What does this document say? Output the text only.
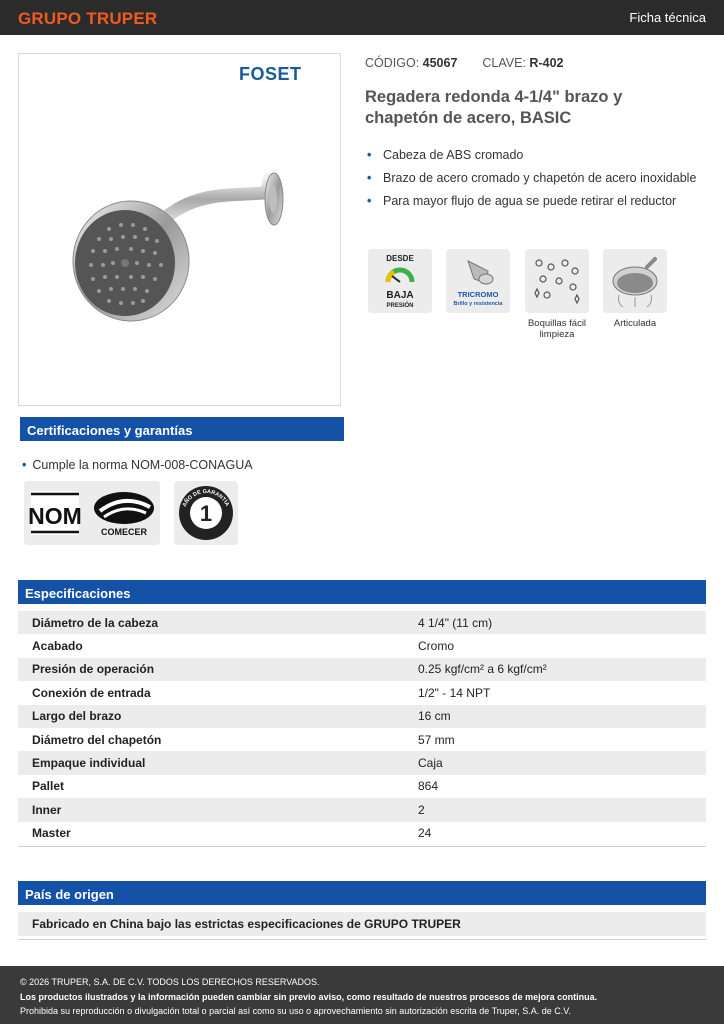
GRUPO TRUPER	Ficha técnica
FOSET
CÓDIGO: 45067 CLAVE: R-402
Regadera redonda 4-1/4" brazo y chapetón de acero, BASIC
• Cabeza de ABS cromado
• Brazo de acero cromado y chapetón de acero inoxidable
• Para mayor flujo de agua se puede retirar el reductor
DESDE
BAJA
PRESIÓN
TRICROMO
Brillo y resistencia
Boquillas fácil limpieza
Articulada
Certificaciones y garantías
• Cumple la norma NOM-008-CONAGUA
NOM
COMECER
1
AÑO DE GARANTÍA
Especificaciones
Diámetro de la cabeza	4 1/4" (11 cm)
Acabado	Cromo
Presión de operación	0.25 kgf/cm² a 6 kgf/cm²
Conexión de entrada	1/2" - 14 NPT
Largo del brazo	16 cm
Diámetro del chapetón	57 mm
Empaque individual	Caja
Pallet	864
Inner	2
Master	24
País de origen
Fabricado en China bajo las estrictas especificaciones de GRUPO TRUPER
© 2026 TRUPER, S.A. DE C.V. TODOS LOS DERECHOS RESERVADOS.
Los productos ilustrados y la información pueden cambiar sin previo aviso, como resultado de nuestros procesos de mejora continua.
Prohibida su reproducción o divulgación total o parcial así como su uso o aprovechamiento sin autorización escrita de Truper, S.A. de C.V.
